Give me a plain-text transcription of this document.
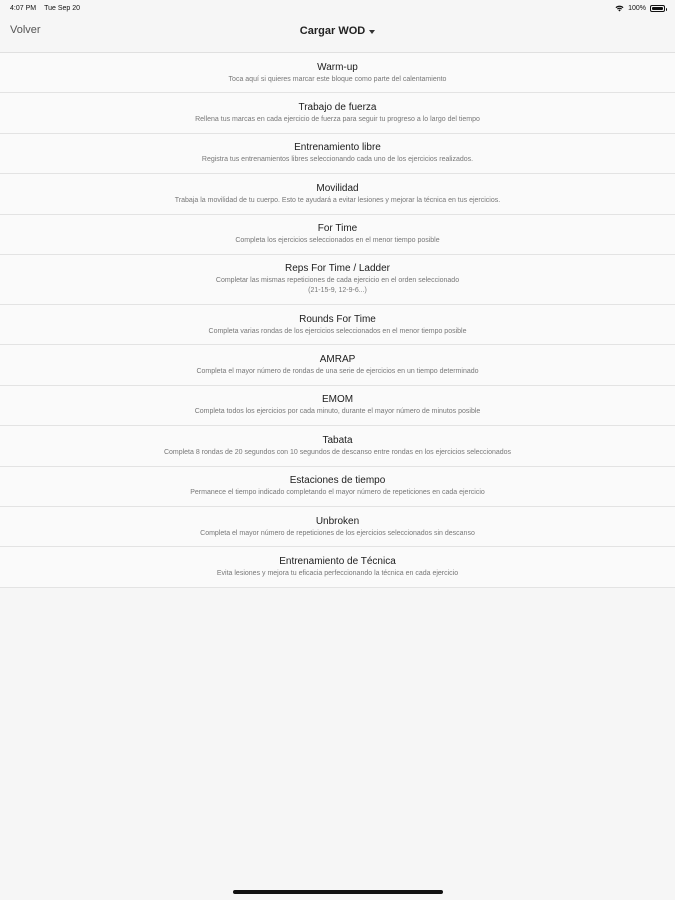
4:07 PM Tue Sep 20	100%
Volver	Cargar WOD
Warm-up
Toca aquí si quieres marcar este bloque como parte del calentamiento
Trabajo de fuerza
Rellena tus marcas en cada ejercicio de fuerza para seguir tu progreso a lo largo del tiempo
Entrenamiento libre
Registra tus entrenamientos libres seleccionando cada uno de los ejercicios realizados.
Movilidad
Trabaja la movilidad de tu cuerpo. Esto te ayudará a evitar lesiones y mejorar la técnica en tus ejercicios.
For Time
Completa los ejercicios seleccionados en el menor tiempo posible
Reps For Time / Ladder
Completar las mismas repeticiones de cada ejercicio en el orden seleccionado
(21-15-9, 12-9-6...)
Rounds For Time
Completa varias rondas de los ejercicios seleccionados en el menor tiempo posible
AMRAP
Completa el mayor número de rondas de una serie de ejercicios en un tiempo determinado
EMOM
Completa todos los ejercicios por cada minuto, durante el mayor número de minutos posible
Tabata
Completa 8 rondas de 20 segundos con 10 segundos de descanso entre rondas en los ejercicios seleccionados
Estaciones de tiempo
Permanece el tiempo indicado completando el mayor número de repeticiones en cada ejercicio
Unbroken
Completa el mayor número de repeticiones de los ejercicios seleccionados sin descanso
Entrenamiento de Técnica
Evita lesiones y mejora tu eficacia perfeccionando la técnica en cada ejercicio
